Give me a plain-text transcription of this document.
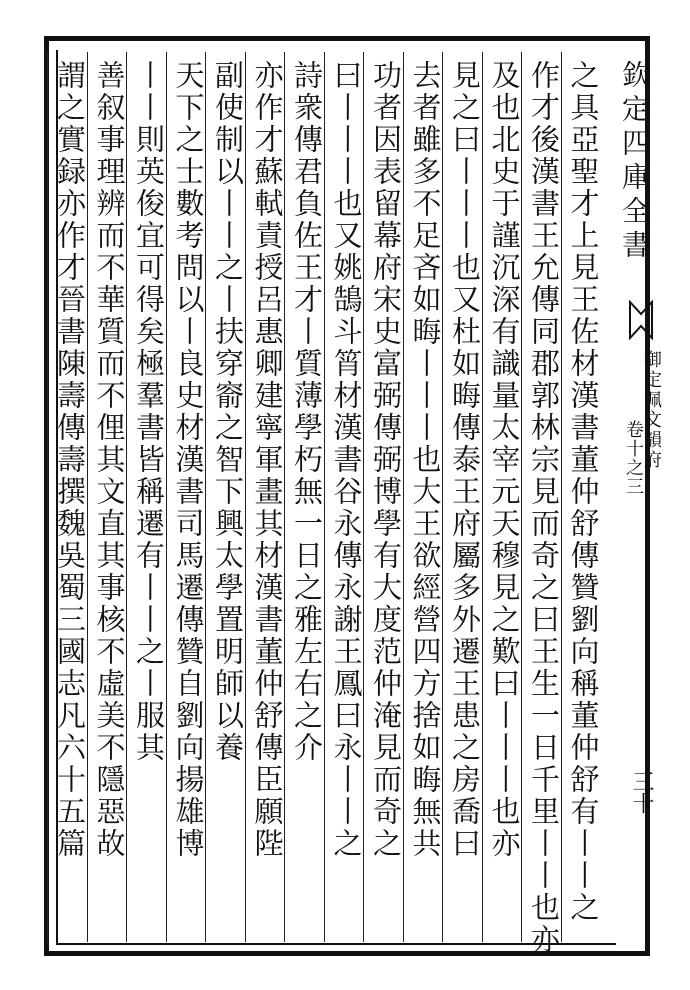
欽定四庫全書
御定佩文韻府
卷十之三
三十
之具亞聖才上見王佐材漢書董仲舒傳贊劉向稱董仲舒有丨丨之
作才後漢書王允傳同郡郭林宗見而奇之曰王生一日千里丨丨也亦
及也北史于謹沉深有識量太宰元天穆見之歎曰丨丨丨也亦
見之曰丨丨丨也又杜如晦傳泰王府屬多外遷王患之房喬曰
去者雖多不足吝如晦丨丨丨也大王欲經營四方捨如晦無共
功者因表留幕府宋史富弼傳弼博學有大度范仲淹見而奇之
曰丨丨丨也又姚鵠斗筲材漢書谷永傳永謝王鳳曰永丨丨之
詩衆傳君負佐王才丨質薄學朽無一日之雅左右之介
亦作才蘇軾責授呂惠卿建寧軍畫其材漢書董仲舒傳臣願陛
副使制以丨丨之丨扶穿窬之智下興太學置明師以養
天下之士數考問以丨良史材漢書司馬遷傳贊自劉向揚雄博
丨丨則英俊宜可得矣極羣書皆稱遷有丨丨之丨服其
善叙事理辨而不華質而不俚其文直其事核不虛美不隱惡故
謂之實録亦作才晉書陳壽傳壽撰魏吳蜀三國志凡六十五篇
